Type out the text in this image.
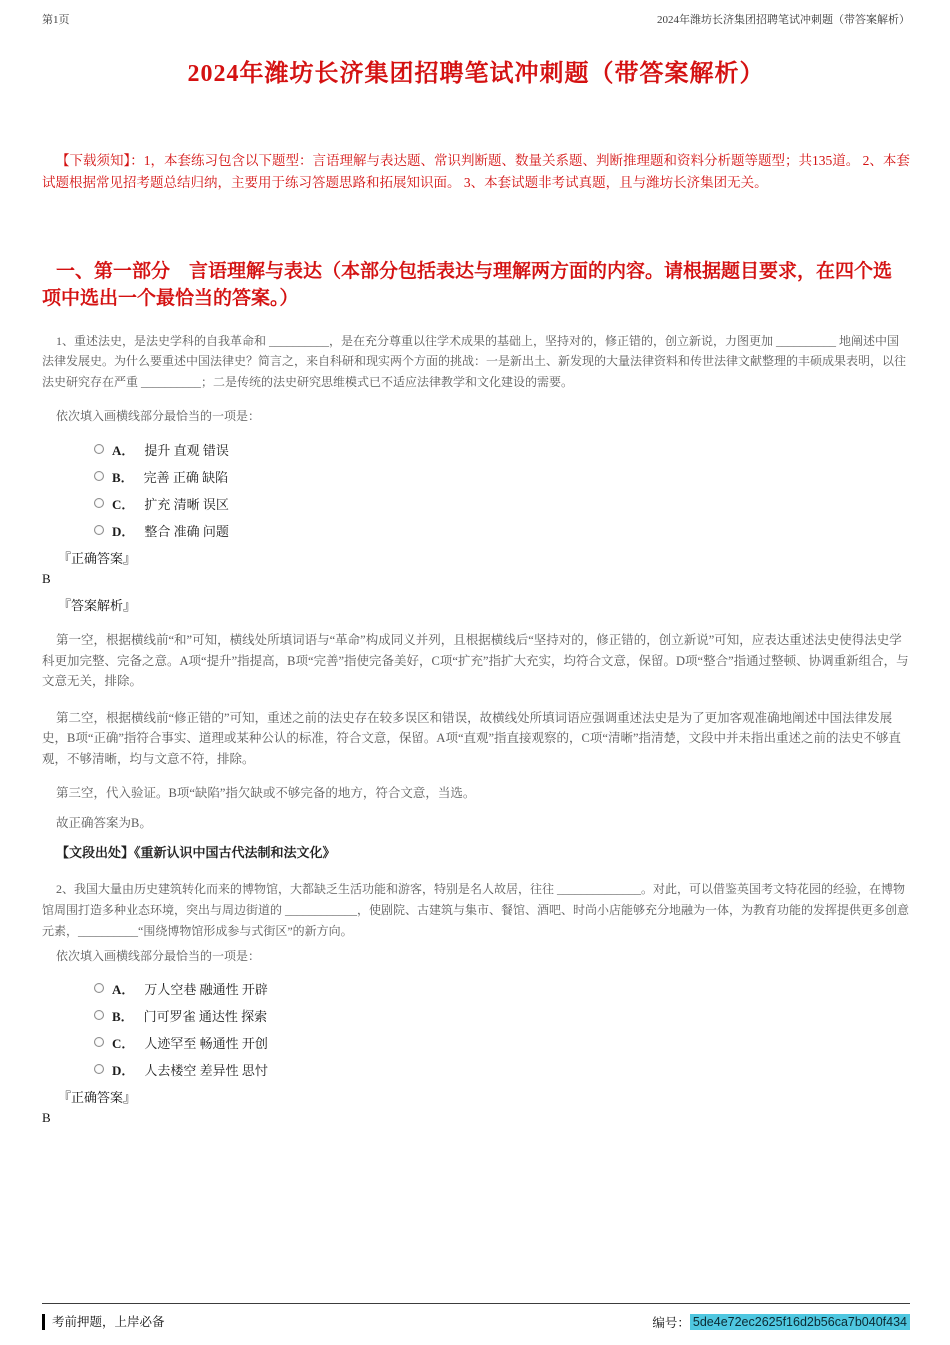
第1页	2024年潍坊长济集团招聘笔试冲刺题（带答案解析）
2024年潍坊长济集团招聘笔试冲刺题（带答案解析）

【下载须知】：1，本套练习包含以下题型：言语理解与表达题、常识判断题、数量关系题、判断推理题和资料分析题等题型；共135道。 2、本套试题根据常见招考题总结归纳，主要用于练习答题思路和拓展知识面。 3、本套试题非考试真题，且与潍坊长济集团无关。

一、第一部分　言语理解与表达（本部分包括表达与理解两方面的内容。请根据题目要求，在四个选项中选出一个最恰当的答案。）

1、重述法史，是法史学科的自我革命和 __________，是在充分尊重以往学术成果的基础上，坚持对的，修正错的，创立新说，力图更加 __________ 地阐述中国法律发展史。为什么要重述中国法律史？简言之，来自科研和现实两个方面的挑战：一是新出土、新发现的大量法律资料和传世法律文献整理的丰硕成果表明，以往法史研究存在严重 __________；二是传统的法史研究思维模式已不适应法律教学和文化建设的需要。

依次填入画横线部分最恰当的一项是：

A． 提升 直观 错误
B． 完善 正确 缺陷
C． 扩充 清晰 误区
D． 整合 准确 问题

『正确答案』

B

『答案解析』

第一空，根据横线前“和”可知，横线处所填词语与“革命”构成同义并列，且根据横线后“坚持对的，修正错的，创立新说”可知，应表达重述法史使得法史学科更加完整、完备之意。A项“提升”指提高，B项“完善”指使完备美好，C项“扩充”指扩大充实，均符合文意，保留。D项“整合”指通过整顿、协调重新组合，与文意无关，排除。

第二空，根据横线前“修正错的”可知，重述之前的法史存在较多误区和错误，故横线处所填词语应强调重述法史是为了更加客观准确地阐述中国法律发展史，B项“正确”指符合事实、道理或某种公认的标准，符合文意，保留。A项“直观”指直接观察的，C项“清晰”指清楚，文段中并未指出重述之前的法史不够直观，不够清晰，均与文意不符，排除。

第三空，代入验证。B项“缺陷”指欠缺或不够完备的地方，符合文意，当选。

故正确答案为B。

【文段出处】《重新认识中国古代法制和法文化》

2、我国大量由历史建筑转化而来的博物馆，大都缺乏生活功能和游客，特别是名人故居，往往 ______________。对此，可以借鉴英国考文特花园的经验，在博物馆周围打造多种业态环境，突出与周边街道的 ____________，使剧院、古建筑与集市、餐馆、酒吧、时尚小店能够充分地融为一体，为教育功能的发挥提供更多创意元素，__________“围绕博物馆形成参与式街区”的新方向。

依次填入画横线部分最恰当的一项是：

A． 万人空巷 融通性 开辟
B． 门可罗雀 通达性 探索
C． 人迹罕至 畅通性 开创
D． 人去楼空 差异性 思忖

『正确答案』

B

考前押题，上岸必备	编号： 5de4e72ec2625f16d2b56ca7b040f434
